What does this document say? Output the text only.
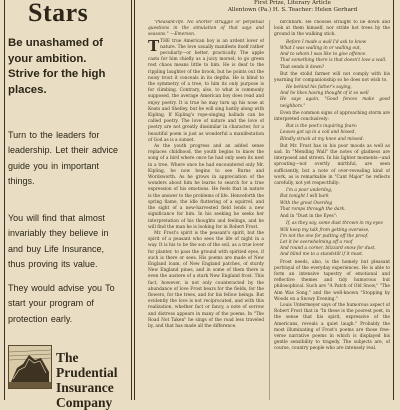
Stars
Be unashamed of your ambition. Strive for the high places.
Turn to the leaders for leadership. Let their advice guide you in important things.
You will find that almost invariably they believe in and buy Life Insurance, thus proving its value.
They would advise you To start your program of protection early.
The Prudential Insurance Company
First Prize, Literary Article
Allentown (Pa.) H. S. Teacher: Helen Gerhard

"Pleasant-life. No shorter struggle or perpetual questions in the simulation of that says and seasons." —Emerson.

TTHE true American boy is an ardent lover of nature. The love usually manifests itself rather peculiarly—or better, practically. The apple casts for him chiefly as a juicy morsel; to go green rest chaos means little to him. He is deaf to the rippling laughter of the brook, but he points out the noisy trout it conceals in its depths. He is blind to the symmetry of a tree, to him its only purpose is for climbing. Contrary, also, to what is commonly supposed, the average American boy does read and enjoy poetry. It is true he may turn up his nose at Keats and Shelley, but he will sing lustily along with Kipling. If Kipling's rope-singing ballads can be called poetry. The love of nature and the love of poetry are not greatly dissimilar in character, for a beautiful poem is just as wonderful a manifestation of God as is a sunset.

As the youth progress and an added sense replaces childhood, the youth begins to know the song of a bird where once he had only seen its nest in a tree. Where once he had encountered only Mr. Kipling, he now begins to see Burns and Wordsworth. As he grows in appreciation of the wonders about him he learns to search for a true expression of his emotions. He feels that in nature is the answer to the problems of life. Henceforth the spring flame, the idle fluttering of a squirrel, and the sight of a new-harvested field lends a new significance for him. In his seeking he seeks her interpretation of his thoughts and feelings, and he will find the man he is looking for in Robert Frost.

Mr. Frost's spirit is the peasant's spirit, but the spirit of a peasant who sees the life of night in a way. It is his to be the son of the soil, as a true lover for planter, to pass the ground with spirited eyes, if such is there or sees. His poems are made of New England loam, of New England patches, of sturdy New England pines, and in some of them there is even the austere of a stark New England frost. This fact, however, is not only counteracted by the abundance of love Frost bears for the fields, for the flowers, for the trees, and for his fellow beings. But evidently the love is not reciprocated, and with this realization, whether fact or fancy, a note of sorrow and distress appears in many of the poems. In "The Road Not Taken" he sings of the road less traveled by, and that has made all the difference.

birchbark. He chooses straight to lie down and look at them himself, nor stride hot trees by the ground in the walking stick.

Before I made a wall I'd ask to know
What I was walling in or walling out,
And to whom I was like to give offence.
That something there is that doesn't love a wall.

That sends it down?

But the stolid farmer will not comply with his yearning for companionship so he does not wish to.

He behind his father's saying,
And he likes having thought of it so well
He says again, "Good fences make good neighbors."

Even the common signs of approaching storm are interpreted conclusively:

But is the poet's inquiring fears:
Leaves got up in a coil and hissed,
Blindly struck at my knee and missed.

But Mr. Frost has in his poor moods as well as sad. In "Mending Wall" the notes of gladness are interposed and strewn. In his lighter moments—and sprouting—not overtly mirthful, are seen sufficiently, but a note of over-revealing kind of work, as is remarkable in "Cant Major" he reflects carefully, not yet respectfully:

I'm a poor underdog,
But tonight I will bark
With the great Overdog
That romps through the dark.

And in "Dust in the Eyes":

If, as they say, some dust thrown in my eyes
Will keep my talk from getting overwise,
I'm not the one for putting off the proof.
Let it be overwhelming off a roof
And round a corner, blizzard snow for dust,
And blind me to a standstill if it must.

Frost needs, also, is the homely but pleasant portrayal of the everyday experiences. He is able to form an intensive tapestry of emotional and reflective themes and tidy humorous but philosophical. Such are "A Patch of Old Snow," "The Aim Was Song," and the well-known "Stopping by Woods on a Snowy Evening."

Louis Untermeyer says of the humorous aspect of Robert Frost that in "In these is the poorest poet, in the sense that his spirit, expressive of the Americans, reveals a quiet laugh." Probably the most illuminating of Frost's poems are those free-verse narrative poems in which is displayed his gentle sensibility to tragedy. The subjects are, of course, country people who are intensely real.
